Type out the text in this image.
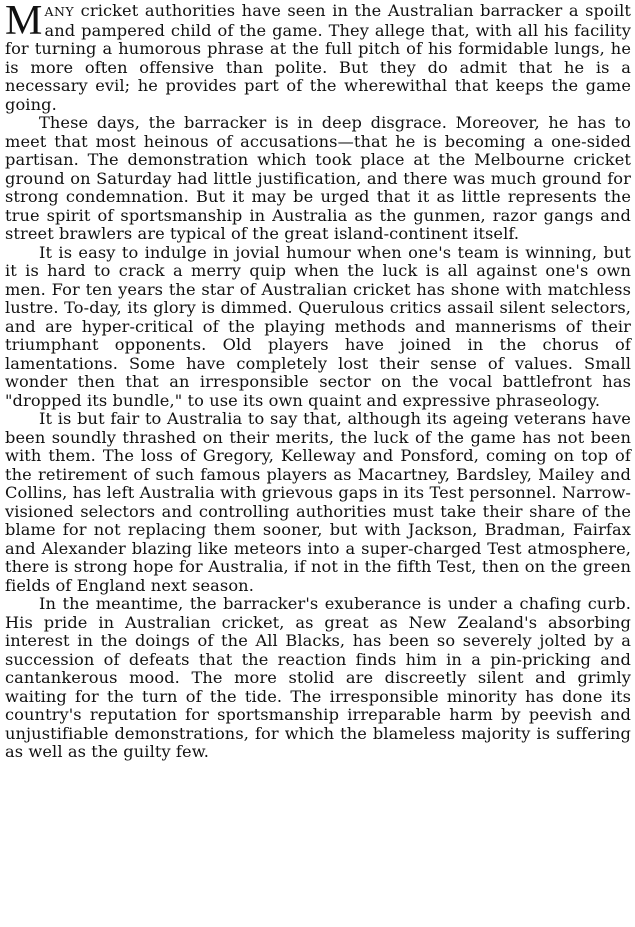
MANY cricket authorities have seen in the Australian barracker a spoilt and pampered child of the game. They allege that, with all his facility for turning a humorous phrase at the full pitch of his formidable lungs, he is more often offensive than polite. But they do admit that he is a necessary evil; he provides part of the wherewithal that keeps the game going.

These days, the barracker is in deep disgrace. Moreover, he has to meet that most heinous of accusations—that he is becoming a one-sided partisan. The demonstration which took place at the Melbourne cricket ground on Saturday had little justification, and there was much ground for strong condemnation. But it may be urged that it as little represents the true spirit of sportsmanship in Australia as the gunmen, razor gangs and street brawlers are typical of the great island-continent itself.

It is easy to indulge in jovial humour when one's team is winning, but it is hard to crack a merry quip when the luck is all against one's own men. For ten years the star of Australian cricket has shone with matchless lustre. To-day, its glory is dimmed. Querulous critics assail silent selectors, and are hyper-critical of the playing methods and mannerisms of their triumphant opponents. Old players have joined in the chorus of lamentations. Some have completely lost their sense of values. Small wonder then that an irresponsible sector on the vocal battlefront has "dropped its bundle," to use its own quaint and expressive phraseology.

It is but fair to Australia to say that, although its ageing veterans have been soundly thrashed on their merits, the luck of the game has not been with them. The loss of Gregory, Kelleway and Ponsford, coming on top of the retirement of such famous players as Macartney, Bardsley, Mailey and Collins, has left Australia with grievous gaps in its Test personnel. Narrow-visioned selectors and controlling authorities must take their share of the blame for not replacing them sooner, but with Jackson, Bradman, Fairfax and Alexander blazing like meteors into a super-charged Test atmosphere, there is strong hope for Australia, if not in the fifth Test, then on the green fields of England next season.

In the meantime, the barracker's exuberance is under a chafing curb. His pride in Australian cricket, as great as New Zealand's absorbing interest in the doings of the All Blacks, has been so severely jolted by a succession of defeats that the reaction finds him in a pin-pricking and cantankerous mood. The more stolid are discreetly silent and grimly waiting for the turn of the tide. The irresponsible minority has done its country's reputation for sportsmanship irreparable harm by peevish and unjustifiable demonstrations, for which the blameless majority is suffering as well as the guilty few.
